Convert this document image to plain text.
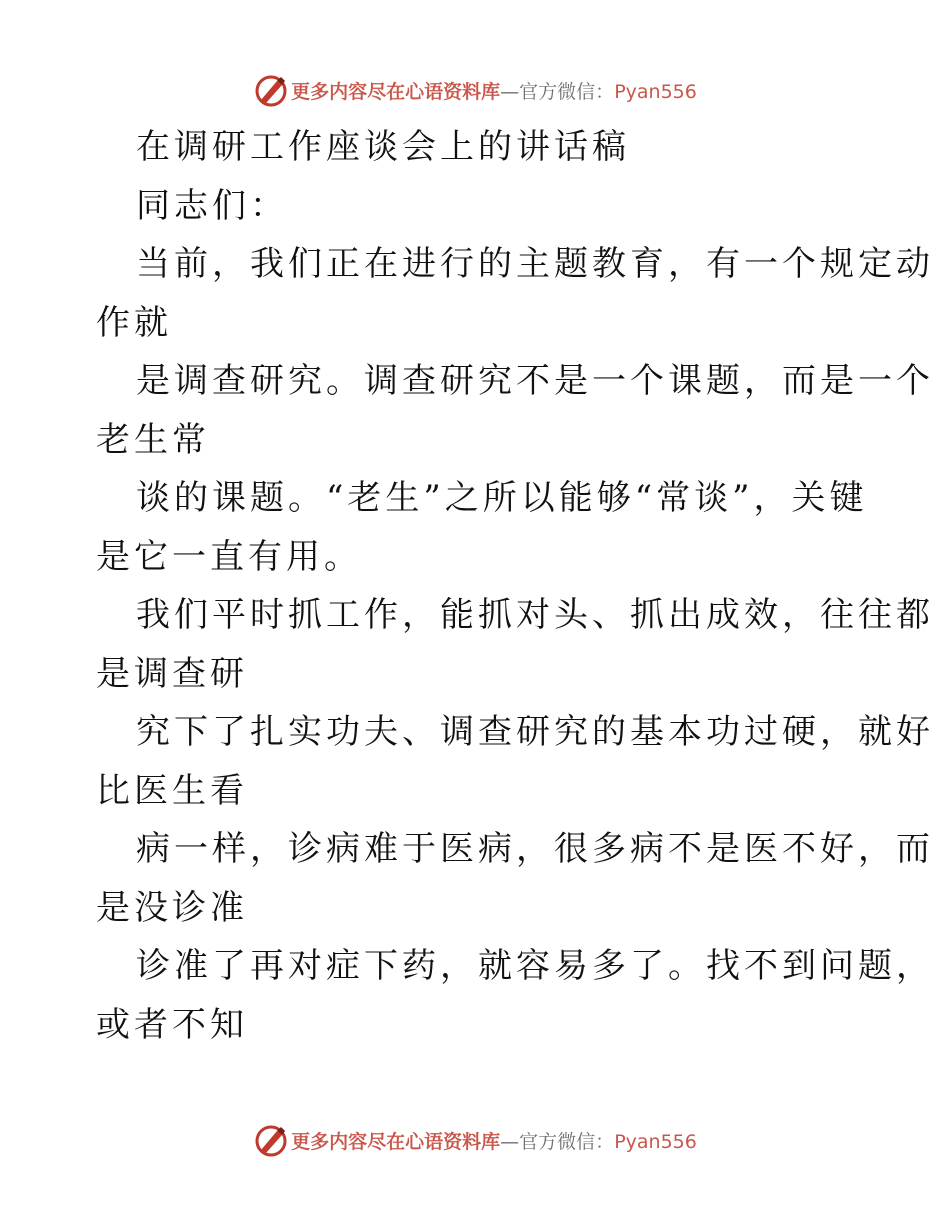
更多内容尽在心语资料库—官方微信：Pyan556
在调研工作座谈会上的讲话稿
同志们：
当前，我们正在进行的主题教育，有一个规定动
作就
是调查研究。调查研究不是一个课题，而是一个
老生常
谈的课题。“老生”之所以能够“常谈”，关键
是它一直有用。
我们平时抓工作，能抓对头、抓出成效，往往都
是调查研
究下了扎实功夫、调查研究的基本功过硬，就好
比医生看
病一样，诊病难于医病，很多病不是医不好，而
是没诊准
诊准了再对症下药，就容易多了。找不到问题，
或者不知
更多内容尽在心语资料库—官方微信：Pyan556
